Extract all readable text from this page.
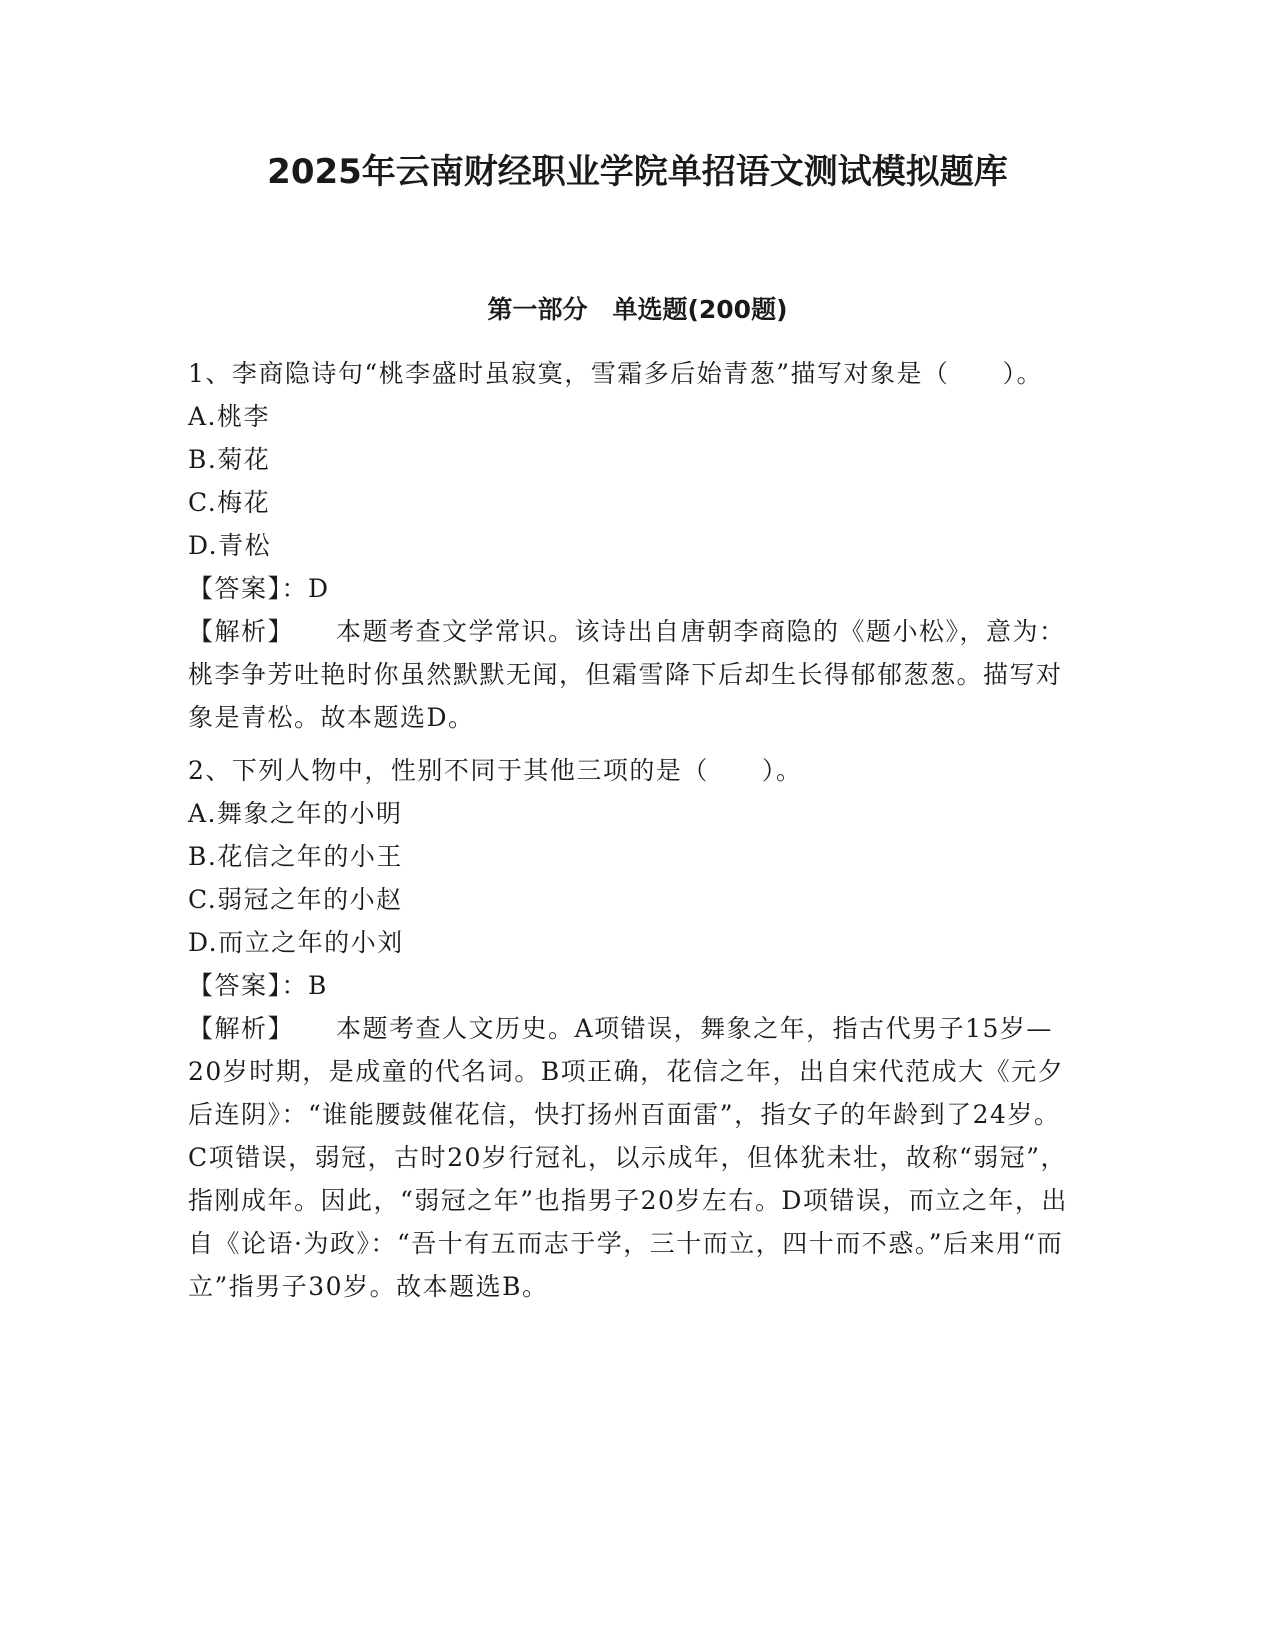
2025年云南财经职业学院单招语文测试模拟题库
第一部分　单选题(200题)

1、李商隐诗句“桃李盛时虽寂寞，雪霜多后始青葱”描写对象是（　　）。

A.桃李

B.菊花

C.梅花

D.青松

【答案】：D

【解析】 本题考查文学常识。该诗出自唐朝李商隐的《题小松》，意为：桃李争芳吐艳时你虽然默默无闻，但霜雪降下后却生长得郁郁葱葱。描写对象是青松。故本题选D。

2、下列人物中，性别不同于其他三项的是（　　）。

A.舞象之年的小明

B.花信之年的小王

C.弱冠之年的小赵

D.而立之年的小刘

【答案】：B

【解析】 本题考查人文历史。A项错误，舞象之年，指古代男子15岁—20岁时期，是成童的代名词。B项正确，花信之年，出自宋代范成大《元夕后连阴》：“谁能腰鼓催花信，快打扬州百面雷”，指女子的年龄到了24岁。C项错误，弱冠，古时20岁行冠礼，以示成年，但体犹未壮，故称“弱冠”，指刚成年。因此，“弱冠之年”也指男子20岁左右。D项错误，而立之年，出自《论语·为政》：“吾十有五而志于学，三十而立，四十而不惑。”后来用“而立”指男子30岁。故本题选B。
